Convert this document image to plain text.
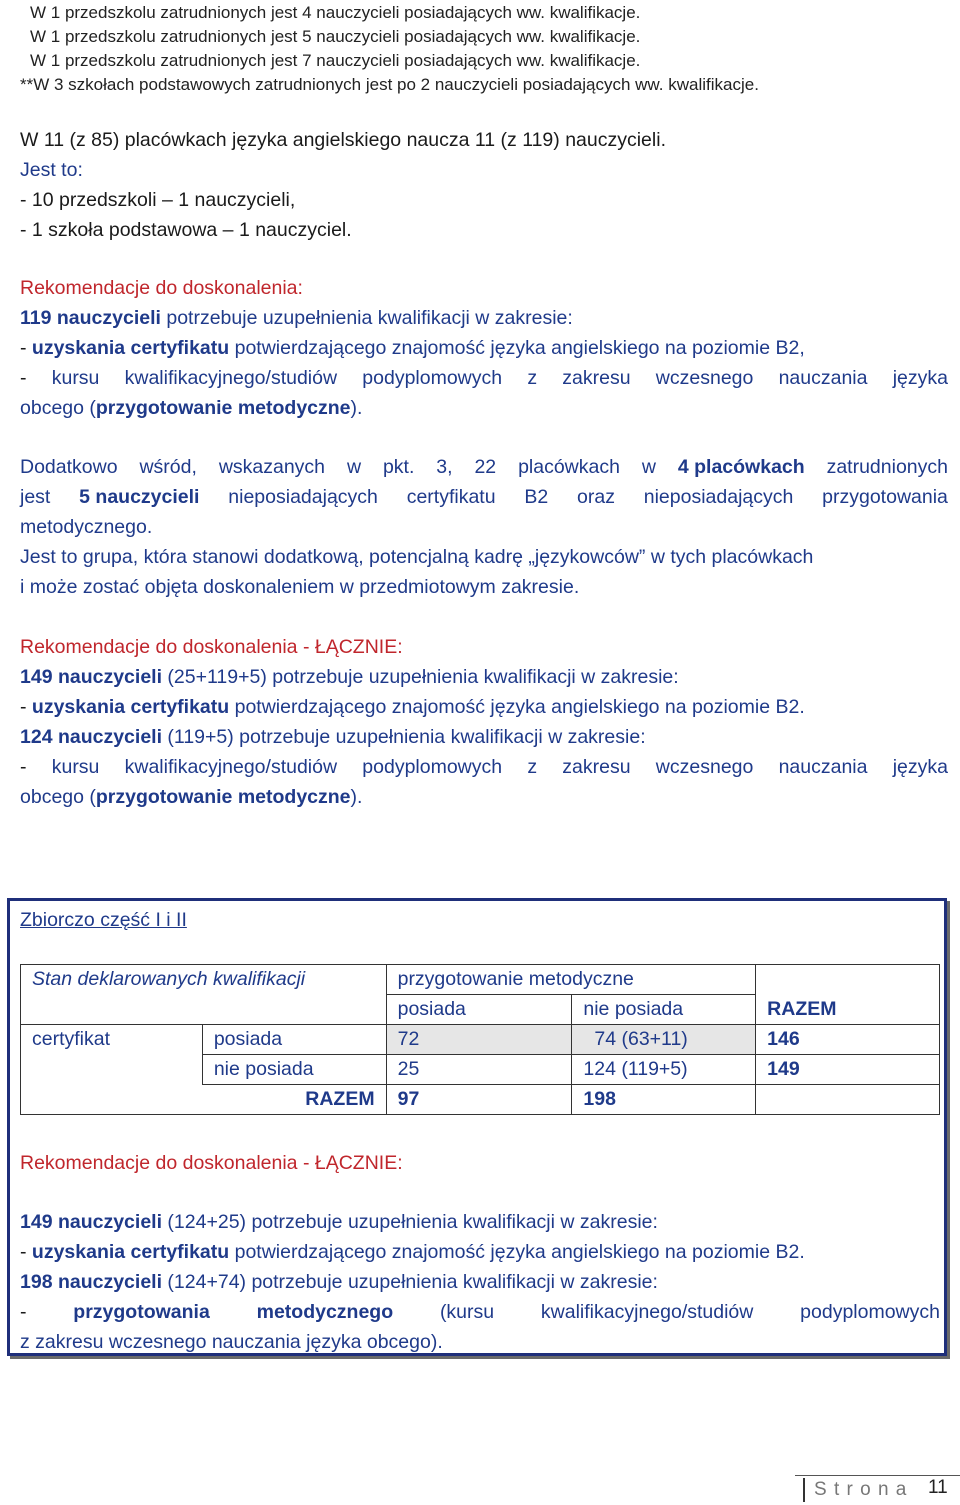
W 1 przedszkolu zatrudnionych jest 4 nauczycieli posiadających ww. kwalifikacje.
W 1 przedszkolu zatrudnionych jest 5 nauczycieli posiadających ww. kwalifikacje.
W 1 przedszkolu zatrudnionych jest 7 nauczycieli posiadających ww. kwalifikacje.
**W 3 szkołach podstawowych zatrudnionych jest po 2 nauczycieli posiadających ww. kwalifikacje.
W 11 (z 85) placówkach języka angielskiego naucza 11 (z 119) nauczycieli.
Jest to:
- 10 przedszkoli – 1 nauczycieli,
- 1 szkoła podstawowa – 1 nauczyciel.
Rekomendacje do doskonalenia:
119 nauczycieli potrzebuje uzupełnienia kwalifikacji w zakresie:
- uzyskania certyfikatu potwierdzającego znajomość języka angielskiego na poziomie B2,
- kursu kwalifikacyjnego/studiów podyplomowych z zakresu wczesnego nauczania języka
obcego (przygotowanie metodyczne).
Dodatkowo wśród, wskazanych w pkt. 3, 22 placówkach w 4 placówkach zatrudnionych
jest 5 nauczycieli nieposiadających certyfikatu B2 oraz nieposiadających przygotowania
metodycznego.
Jest to grupa, która stanowi dodatkową, potencjalną kadrę „językowców” w tych placówkach
i może zostać objęta doskonaleniem w przedmiotowym zakresie.
Rekomendacje do doskonalenia - ŁĄCZNIE:
149 nauczycieli (25+119+5) potrzebuje uzupełnienia kwalifikacji w zakresie:
- uzyskania certyfikatu potwierdzającego znajomość języka angielskiego na poziomie B2.
124 nauczycieli (119+5) potrzebuje uzupełnienia kwalifikacji w zakresie:
- kursu kwalifikacyjnego/studiów podyplomowych z zakresu wczesnego nauczania języka
obcego (przygotowanie metodyczne).
Zbiorczo część I i II
Stan deklarowanych kwalifikacji		przygotowanie metodyczne		
		posiada	nie posiada	RAZEM
certyfikat	posiada	72	74 (63+11)	146
	nie posiada	25	124 (119+5)	149
	RAZEM	97	198	
Rekomendacje do doskonalenia - ŁĄCZNIE:
149 nauczycieli (124+25) potrzebuje uzupełnienia kwalifikacji w zakresie:
- uzyskania certyfikatu potwierdzającego znajomość języka angielskiego na poziomie B2.
198 nauczycieli (124+74) potrzebuje uzupełnienia kwalifikacji w zakresie:
- przygotowania metodycznego (kursu kwalifikacyjnego/studiów podyplomowych
z zakresu wczesnego nauczania języka obcego).
S t r o n a 11
